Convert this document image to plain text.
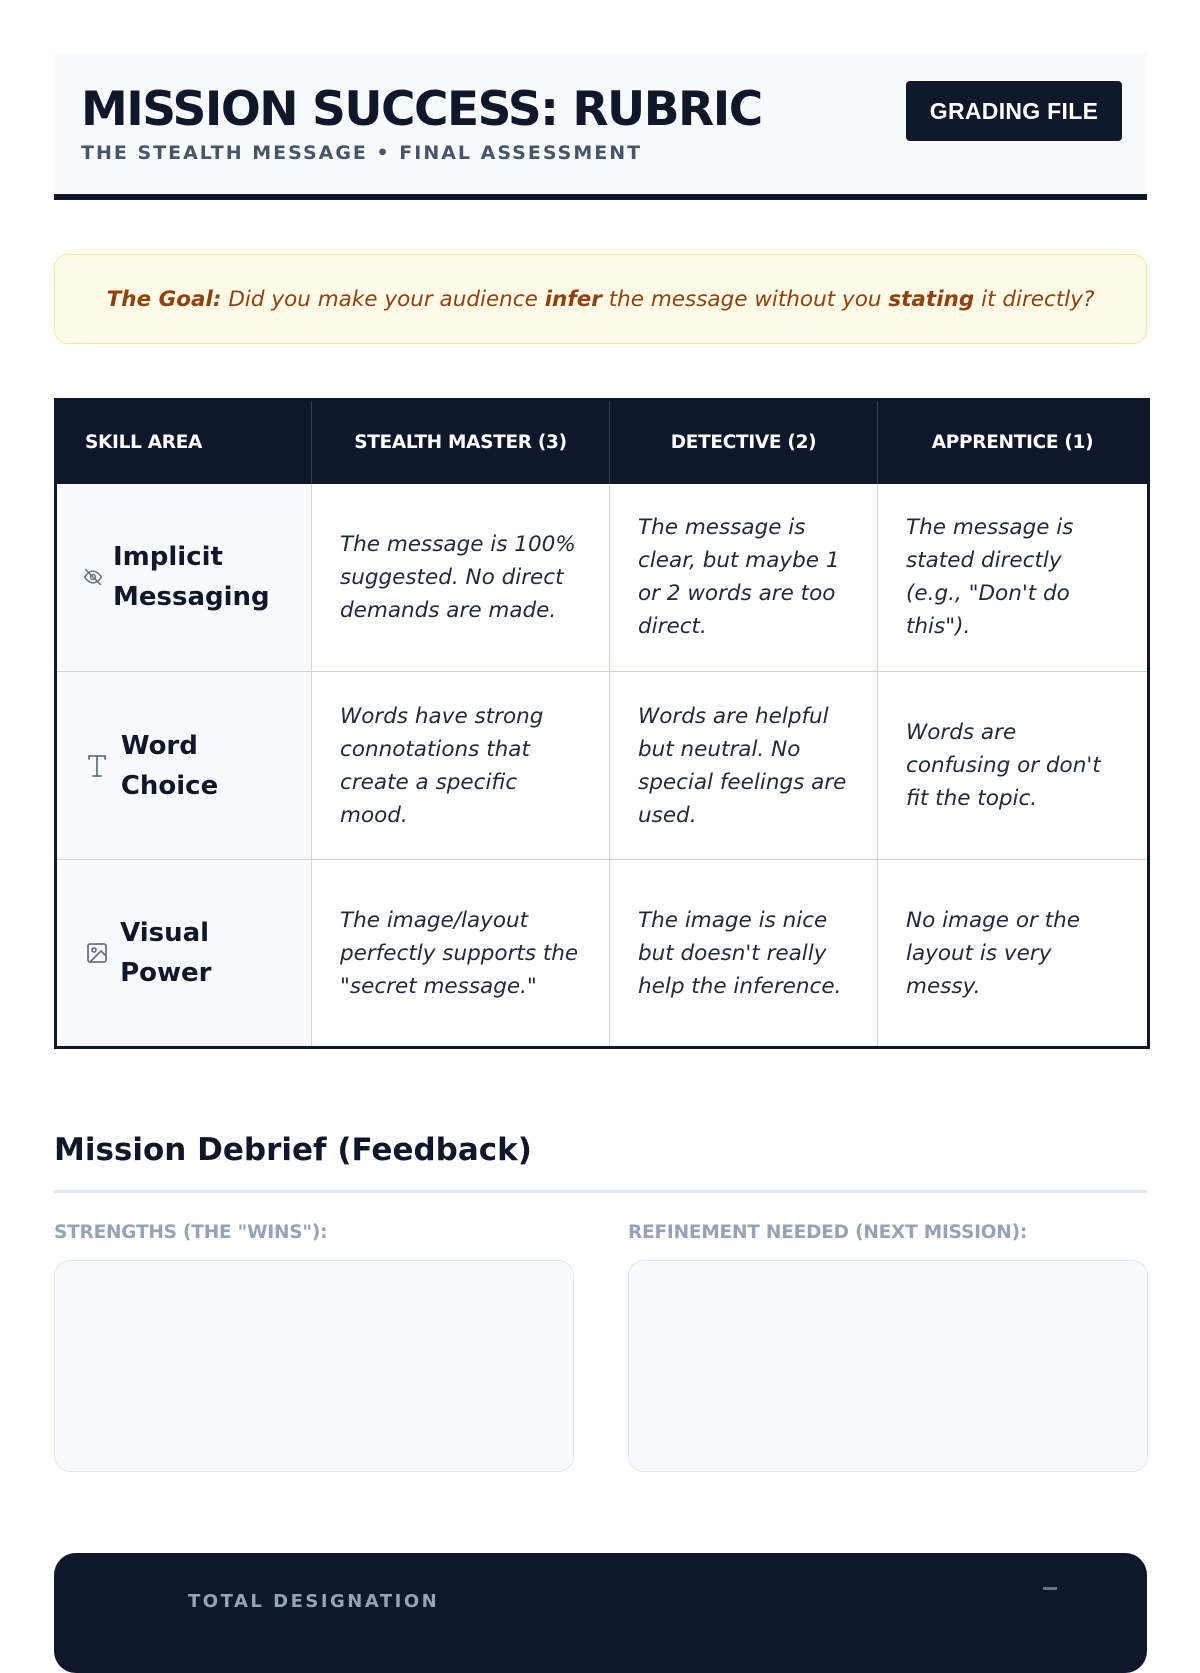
MISSION SUCCESS: RUBRIC
THE STEALTH MESSAGE • FINAL ASSESSMENT
GRADING FILE
The Goal: Did you make your audience infer the message without you stating it directly?
SKILL AREA	STEALTH MASTER (3)	DETECTIVE (2)	APPRENTICE (1)

Implicit Messaging	The message is 100% suggested. No direct demands are made.	The message is clear, but maybe 1 or 2 words are too direct.	The message is stated directly (e.g., "Don't do this").

Word Choice	Words have strong connotations that create a specific mood.	Words are helpful but neutral. No special feelings are used.	Words are confusing or don't fit the topic.

Visual Power	The image/layout perfectly supports the "secret message."	The image is nice but doesn't really help the inference.	No image or the layout is very messy.
Mission Debrief (Feedback)
STRENGTHS (THE "WINS"):	REFINEMENT NEEDED (NEXT MISSION):
TOTAL DESIGNATION
